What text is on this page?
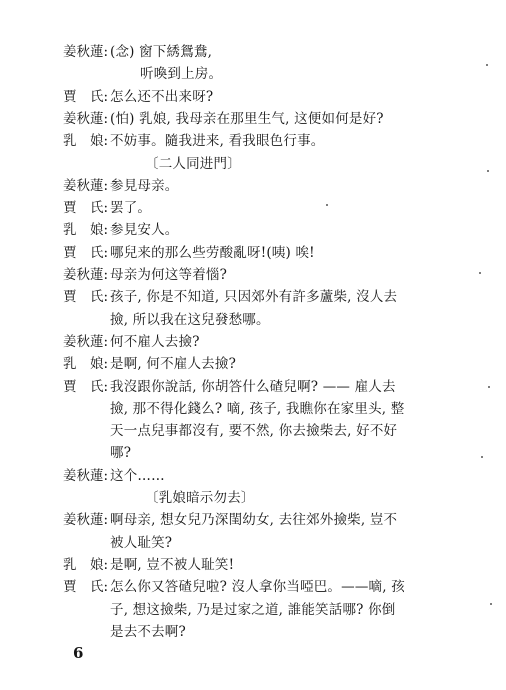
姜秋蓮: (念) 窗下綉鴛鴦,
听喚到上房。
賈　氏: 怎么还不出来呀?
姜秋蓮: (怕) 乳娘, 我母亲在那里生气, 这便如何是好?
乳　娘: 不妨事。隨我进来, 看我眼色行事。
〔二人同进門〕
姜秋蓮: 参見母亲。
賈　氏: 罢了。
乳　娘: 参見安人。
賈　氏: 哪兒来的那么些劳酸亂呀!(咦) 唉!
姜秋蓮: 母亲为何这等着惱?
賈　氏: 孩子, 你是不知道, 只因郊外有許多蘆柴, 沒人去
撿, 所以我在这兒發愁哪。
姜秋蓮: 何不雇人去撿?
乳　娘: 是啊, 何不雇人去撿?
賈　氏: 我沒跟你說話, 你胡答什么碴兒啊? —— 雇人去
撿, 那不得化錢么? 嘀, 孩子, 我瞧你在家里头, 整
天一点兒事都沒有, 要不然, 你去撿柴去, 好不好
哪?
姜秋蓮: 这个……
〔乳娘暗示勿去〕
姜秋蓮: 啊母亲, 想女兒乃深閨幼女, 去往郊外撿柴, 豈不
被人耻笑?
乳　娘: 是啊, 豈不被人耻笑!
賈　氏: 怎么你又答碴兒啦? 沒人拿你当啞巴。——嘀, 孩
子, 想这撿柴, 乃是过家之道, 誰能笑話哪? 你倒
是去不去啊?
6
